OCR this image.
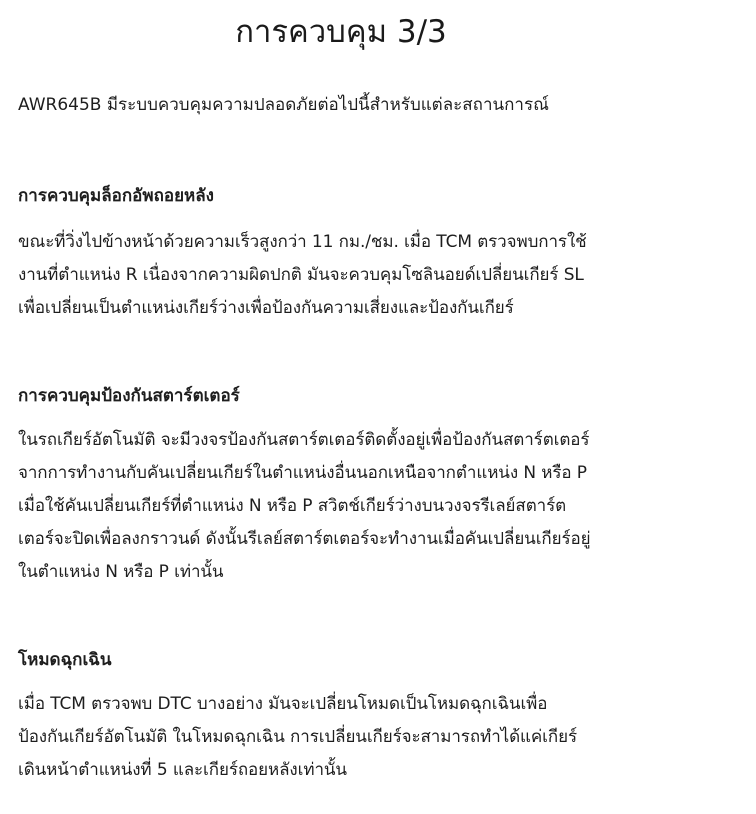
การควบคุม 3/3

AWR645B มีระบบควบคุมความปลอดภัยต่อไปนี้สำหรับแต่ละสถานการณ์

การควบคุมล็อกอัพถอยหลัง

ขณะที่วิ่งไปข้างหน้าด้วยความเร็วสูงกว่า 11 กม./ชม. เมื่อ TCM ตรวจพบการใช้
งานที่ตำแหน่ง R เนื่องจากความผิดปกติ มันจะควบคุมโซลินอยด์เปลี่ยนเกียร์ SL
เพื่อเปลี่ยนเป็นตำแหน่งเกียร์ว่างเพื่อป้องกันความเสี่ยงและป้องกันเกียร์

การควบคุมป้องกันสตาร์ตเตอร์

ในรถเกียร์อัตโนมัติ จะมีวงจรป้องกันสตาร์ตเตอร์ติดตั้งอยู่เพื่อป้องกันสตาร์ตเตอร์
จากการทำงานกับคันเปลี่ยนเกียร์ในตำแหน่งอื่นนอกเหนือจากตำแหน่ง N หรือ P
เมื่อใช้คันเปลี่ยนเกียร์ที่ตำแหน่ง N หรือ P สวิตช์เกียร์ว่างบนวงจรรีเลย์สตาร์ต
เตอร์จะปิดเพื่อลงกราวนด์ ดังนั้นรีเลย์สตาร์ตเตอร์จะทำงานเมื่อคันเปลี่ยนเกียร์อยู่
ในตำแหน่ง N หรือ P เท่านั้น

โหมดฉุกเฉิน

เมื่อ TCM ตรวจพบ DTC บางอย่าง มันจะเปลี่ยนโหมดเป็นโหมดฉุกเฉินเพื่อ
ป้องกันเกียร์อัตโนมัติ ในโหมดฉุกเฉิน การเปลี่ยนเกียร์จะสามารถทำได้แค่เกียร์
เดินหน้าตำแหน่งที่ 5 และเกียร์ถอยหลังเท่านั้น
